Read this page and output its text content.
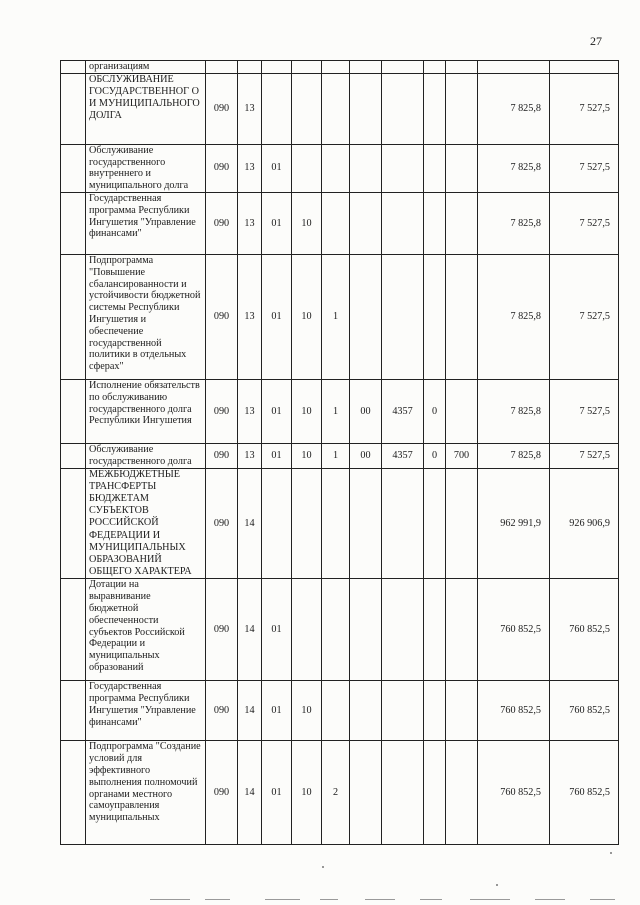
27
	организациям											
	ОБСЛУЖИВАНИЕ ГОСУДАРСТВЕННОГ О И МУНИЦИПАЛЬНОГО ДОЛГА	090	13								7 825,8	7 527,5
	Обслуживание государственного внутреннего и муниципального долга	090	13	01							7 825,8	7 527,5
	Государственная программа Республики Ингушетия "Управление финансами"	090	13	01	10						7 825,8	7 527,5
	Подпрограмма "Повышение сбалансированности и устойчивости бюджетной системы Республики Ингушетия и обеспечение государственной политики в отдельных сферах"	090	13	01	10	1					7 825,8	7 527,5
	Исполнение обязательств по обслуживанию государственного долга Республики Ингушетия	090	13	01	10	1	00	4357	0		7 825,8	7 527,5
	Обслуживание государственного долга	090	13	01	10	1	00	4357	0	700	7 825,8	7 527,5
	МЕЖБЮДЖЕТНЫЕ ТРАНСФЕРТЫ БЮДЖЕТАМ СУБЪЕКТОВ РОССИЙСКОЙ ФЕДЕРАЦИИ И МУНИЦИПАЛЬНЫХ ОБРАЗОВАНИЙ ОБЩЕГО ХАРАКТЕРА	090	14								962 991,9	926 906,9
	Дотации на выравнивание бюджетной обеспеченности субъектов Российской Федерации и муниципальных образований	090	14	01							760 852,5	760 852,5
	Государственная программа Республики Ингушетия "Управление финансами"	090	14	01	10						760 852,5	760 852,5
	Подпрограмма "Создание условий для эффективного выполнения полномочий органами местного самоуправления муниципальных	090	14	01	10	2					760 852,5	760 852,5
